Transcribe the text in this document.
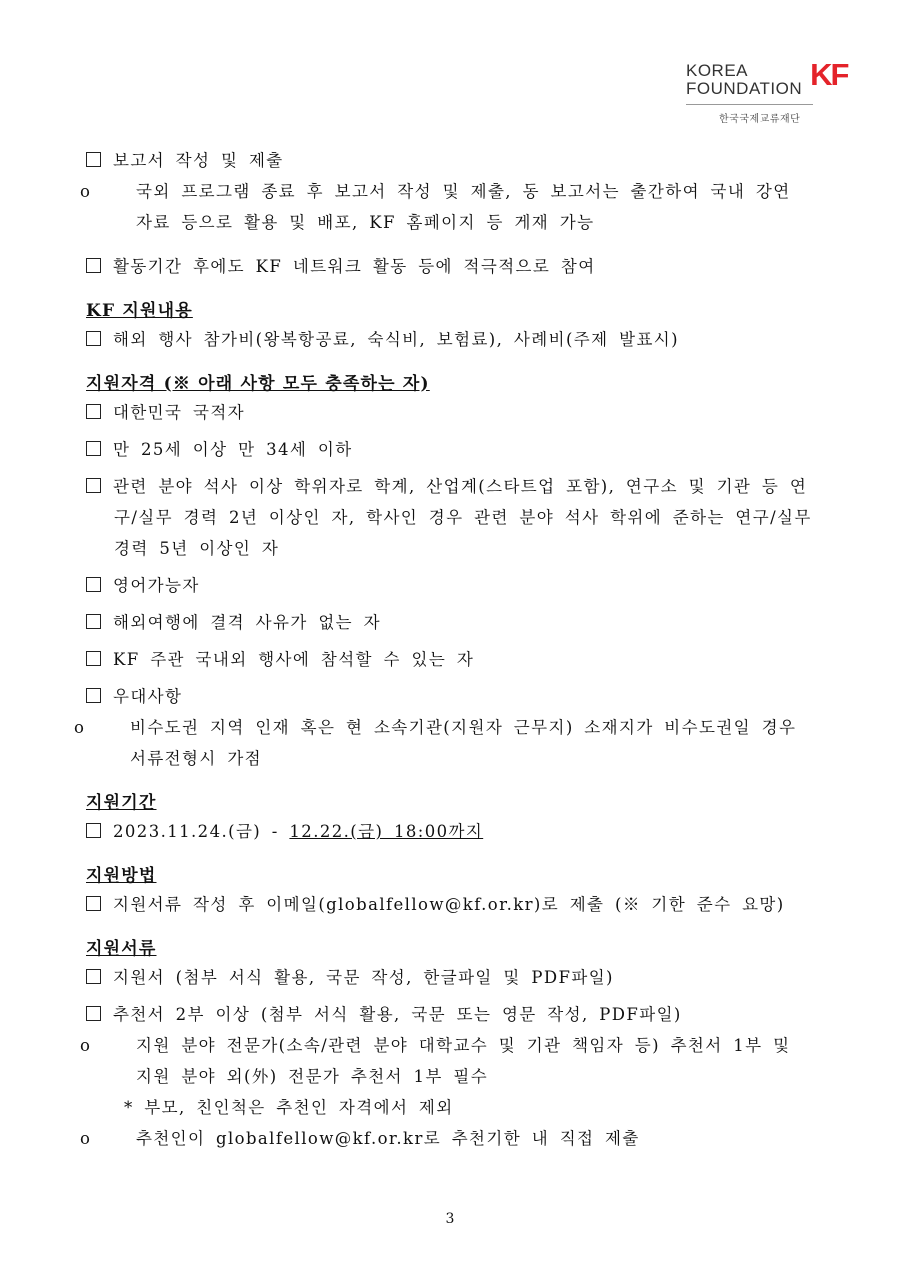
KOREA
FOUNDATION KF
한국국제교류재단
보고서 작성 및 제출
o	국외 프로그램 종료 후 보고서 작성 및 제출, 동 보고서는 출간하여 국내 강연 자료 등으로 활용 및 배포, KF 홈페이지 등 게재 가능
활동기간 후에도 KF 네트워크 활동 등에 적극적으로 참여
KF 지원내용
해외 행사 참가비(왕복항공료, 숙식비, 보험료), 사례비(주제 발표시)
지원자격 (※ 아래 사항 모두 충족하는 자)
대한민국 국적자
만 25세 이상 만 34세 이하
관련 분야 석사 이상 학위자로 학계, 산업계(스타트업 포함), 연구소 및 기관 등 연구/실무 경력 2년 이상인 자, 학사인 경우 관련 분야 석사 학위에 준하는 연구/실무 경력 5년 이상인 자
영어가능자
해외여행에 결격 사유가 없는 자
KF 주관 국내외 행사에 참석할 수 있는 자
우대사항
o	비수도권 지역 인재 혹은 현 소속기관(지원자 근무지) 소재지가 비수도권일 경우 서류전형시 가점
지원기간
2023.11.24.(금) - 12.22.(금) 18:00까지
지원방법
지원서류 작성 후 이메일(globalfellow@kf.or.kr)로 제출 (※ 기한 준수 요망)
지원서류
지원서 (첨부 서식 활용, 국문 작성, 한글파일 및 PDF파일)
추천서 2부 이상 (첨부 서식 활용, 국문 또는 영문 작성, PDF파일)
o	지원 분야 전문가(소속/관련 분야 대학교수 및 기관 책임자 등) 추천서 1부 및 지원 분야 외(外) 전문가 추천서 1부 필수
* 부모, 친인척은 추천인 자격에서 제외
o	추천인이 globalfellow@kf.or.kr로 추천기한 내 직접 제출
3
